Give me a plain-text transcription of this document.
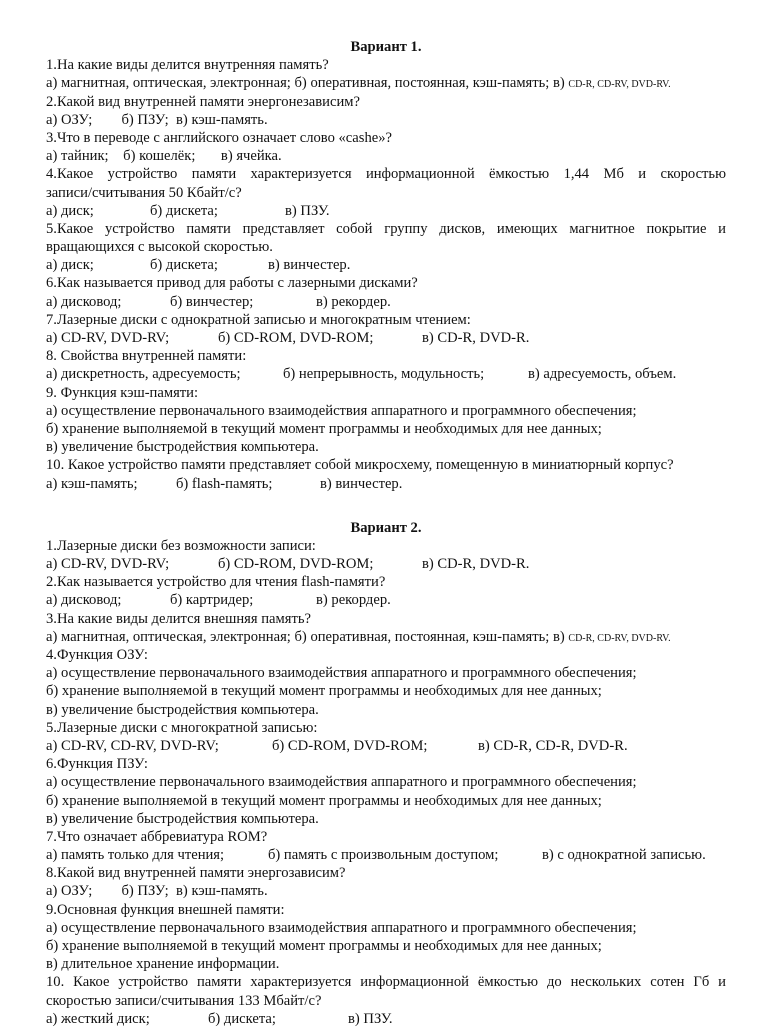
Вариант 1.
1.На какие виды делится внутренняя память?
а) магнитная, оптическая, электронная; б) оперативная, постоянная, кэш-память; в) CD-R, CD-RV, DVD-RV.
2.Какой вид внутренней памяти энергонезависим?
а) ОЗУ;        б) ПЗУ;  в) кэш-память.
3.Что в переводе с английского означает слово «cashe»?
а) тайник;    б) кошелёк;       в) ячейка.
4.Какое устройство памяти характеризуется информационной ёмкостью 1,44 Мб и скоростью
записи/считывания 50 Кбайт/с?
а) диск;	б) дискета;	в) ПЗУ.
5.Какое устройство памяти представляет собой группу дисков, имеющих магнитное покрытие и
вращающихся с высокой скоростью.
а) диск;	б) дискета;	в) винчестер.
6.Как называется привод для работы с лазерными дисками?
а) дисковод;	б) винчестер;	в) рекордер.
7.Лазерные диски с однократной записью и многократным чтением:
а) CD-RV, DVD-RV;	б) CD-ROM, DVD-ROM;	в) CD-R, DVD-R.
8. Свойства внутренней памяти:
а) дискретность, адресуемость;	б) непрерывность, модульность;	в) адресуемость, объем.
9. Функция кэш-памяти:
а) осуществление первоначального взаимодействия аппаратного и программного обеспечения;
б) хранение выполняемой в текущий момент программы и необходимых для нее данных;
в) увеличение быстродействия компьютера.
10. Какое устройство памяти представляет собой микросхему, помещенную в миниатюрный корпус?
а) кэш-память;	б) flash-память;	в) винчестер.
Вариант 2.
1.Лазерные диски без возможности записи:
а) CD-RV, DVD-RV;	б) CD-ROM, DVD-ROM;	в) CD-R, DVD-R.
2.Как называется устройство для чтения flash-памяти?
а) дисковод;	б) картридер;	в) рекордер.
3.На какие виды делится внешняя память?
а) магнитная, оптическая, электронная; б) оперативная, постоянная, кэш-память; в) CD-R, CD-RV, DVD-RV.
4.Функция ОЗУ:
а) осуществление первоначального взаимодействия аппаратного и программного обеспечения;
б) хранение выполняемой в текущий момент программы и необходимых для нее данных;
в) увеличение быстродействия компьютера.
5.Лазерные диски с многократной записью:
а) CD-RV, CD-RV, DVD-RV;	б) CD-ROM, DVD-ROM;	в) CD-R, CD-R, DVD-R.
6.Функция ПЗУ:
а) осуществление первоначального взаимодействия аппаратного и программного обеспечения;
б) хранение выполняемой в текущий момент программы и необходимых для нее данных;
в) увеличение быстродействия компьютера.
7.Что означает аббревиатура ROM?
а) память только для чтения;	б) память с произвольным доступом;	в) с однократной записью.
8.Какой вид внутренней памяти энергозависим?
а) ОЗУ;        б) ПЗУ;  в) кэш-память.
9.Основная функция внешней памяти:
а) осуществление первоначального взаимодействия аппаратного и программного обеспечения;
б) хранение выполняемой в текущий момент программы и необходимых для нее данных;
в) длительное хранение информации.
10. Какое устройство памяти характеризуется информационной ёмкостью до нескольких сотен Гб и
скоростью записи/считывания 133 Мбайт/с?
а) жесткий диск;	б) дискета;	в) ПЗУ.
